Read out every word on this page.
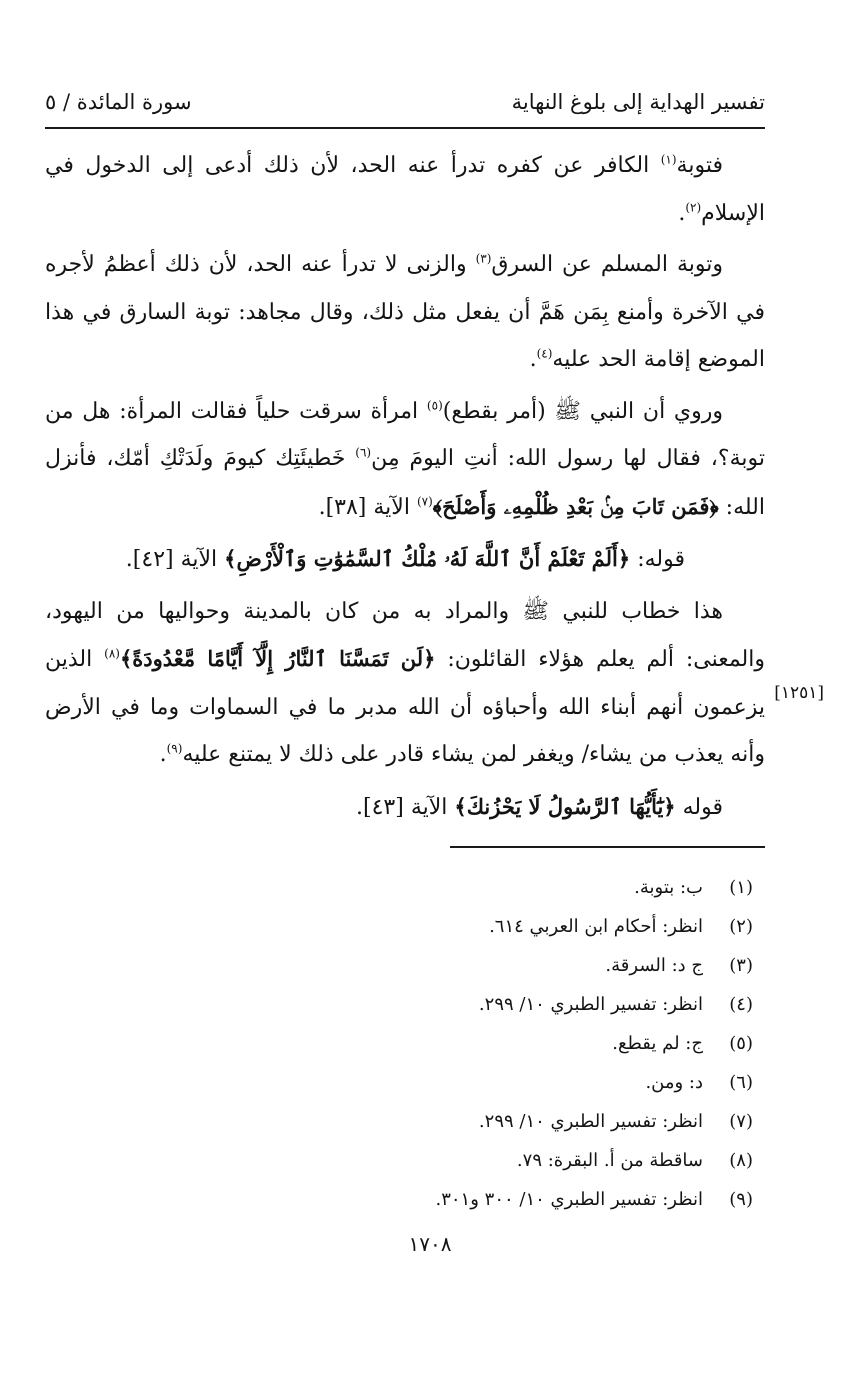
تفسير الهداية إلى بلوغ النهاية
سورة المائدة / ٥

فتوبة$^{(١)}$ الكافر عن كفره تدرأ عنه الحد، لأن ذلك أدعى إلى الدخول في الإسلام$^{(٢)}$.

وتوبة المسلم عن السرق$^{(٣)}$ والزنى لا تدرأ عنه الحد، لأن ذلك أعظمُ لأجره في الآخرة وأمنع بِمَن هَمَّ أن يفعل مثل ذلك، وقال مجاهد: توبة السارق في هذا الموضع إقامة الحد عليه$^{(٤)}$.

وروي أن النبي ﷺ (أمر بقطع)$^{(٥)}$ امرأة سرقت حلياً فقالت المرأة: هل من توبة؟، فقال لها رسول الله: أنتِ اليومَ مِن$^{(٦)}$ خَطيئَتِك كيومَ ولَدَتْكِ أمّك، فأنزل الله: ﴿فَمَن تَابَ مِنۢ بَعْدِ ظُلْمِهِۦ وَأَصْلَحَ﴾$^{(٧)}$ الآية [٣٨].

قوله: ﴿أَلَمْ تَعْلَمْ أَنَّ ٱللَّهَ لَهُۥ مُلْكُ ٱلسَّمَٰوَٰتِ وَٱلْأَرْضِ﴾ الآية [٤٢].

هذا خطاب للنبي ﷺ والمراد به من كان بالمدينة وحواليها من اليهود، والمعنى: ألم يعلم هؤلاء القائلون: ﴿لَن تَمَسَّنَا ٱلنَّارُ إِلَّآ أَيَّامًا مَّعْدُودَةً﴾$^{(٨)}$ الذين يزعمون أنهم أبناء الله وأحباؤه أن الله مدبر ما في السماوات وما في الأرض وأنه يعذب من يشاء/ ويغفر لمن يشاء قادر على ذلك لا يمتنع عليه$^{(٩)}$.

قوله ﴿يَٰٓأَيُّهَا ٱلرَّسُولُ لَا يَحْزُنكَ﴾ الآية [٤٣].

[١٢٥١]
(١)
ب: بتوبة.
(٢)
انظر: أحكام ابن العربي ٦١٤.
(٣)
ج د: السرقة.
(٤)
انظر: تفسير الطبري ١٠/ ٢٩٩.
(٥)
ج: لم يقطع.
(٦)
د: ومن.
(٧)
انظر: تفسير الطبري ١٠/ ٢٩٩.
(٨)
ساقطة من أ. البقرة: ٧٩.
(٩)
انظر: تفسير الطبري ١٠/ ٣٠٠ و٣٠١.
١٧٠٨
